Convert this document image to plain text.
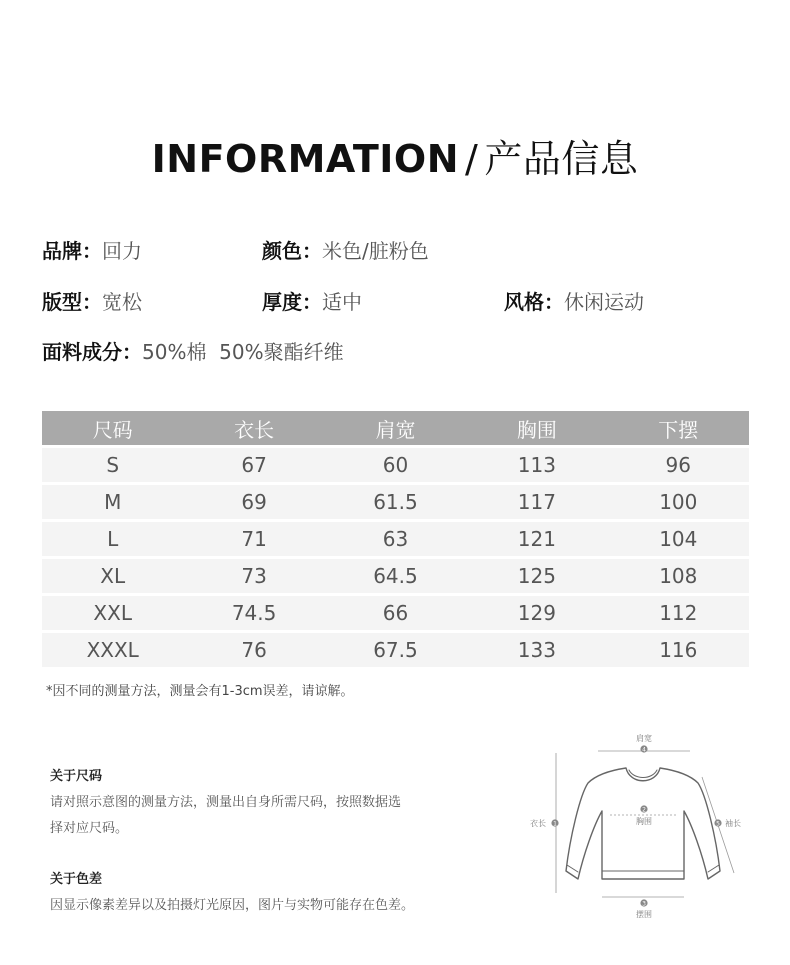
INFORMATION / 产品信息
品牌：回力	颜色：米色/脏粉色
版型：宽松	厚度：适中	风格：休闲运动
面料成分：50%棉  50%聚酯纤维
尺码	衣长	肩宽	胸围	下摆
S	67	60	113	96
M	69	61.5	117	100
L	71	63	121	104
XL	73	64.5	125	108
XXL	74.5	66	129	112
XXXL	76	67.5	133	116
*因不同的测量方法，测量会有1-3cm误差，请谅解。
关于尺码
请对照示意图的测量方法，测量出自身所需尺码，按照数据选
择对应尺码。
关于色差
因显示像素差异以及拍摄灯光原因，图片与实物可能存在色差。
肩宽
4
衣长 1
2
胸围	5 袖长
3
摆围
